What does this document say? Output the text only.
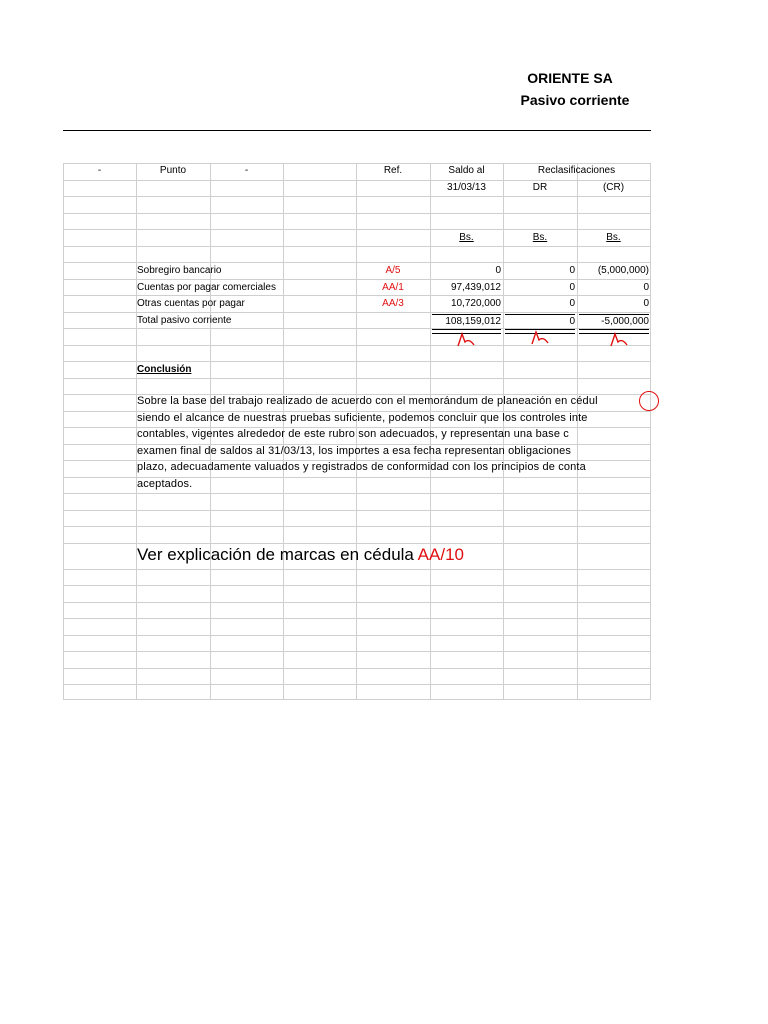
ORIENTE SA
Pasivo corriente
-	Punto	-	Ref.	Saldo al	Reclasificaciones
31/03/13	DR	(CR)
Bs.	Bs.	Bs.
Sobregiro bancario	A/5	0	0	(5,000,000)
Cuentas por pagar comerciales	AA/1	97,439,012	0	0
Otras cuentas por pagar	AA/3	10,720,000	0	0
Total pasivo corriente	108,159,012	0	-5,000,000
Conclusión
Sobre la base del trabajo realizado de acuerdo con el memorándum de planeación en cédul
siendo el alcance de nuestras pruebas suficiente, podemos concluir que los controles inte
contables, vigentes alrededor de este rubro son adecuados, y representan una base c
examen final de saldos al 31/03/13, los importes a esa fecha representan obligaciones
plazo, adecuadamente valuados y registrados de conformidad con los principios de conta
aceptados.
Ver explicación de marcas en cédula AA/10
